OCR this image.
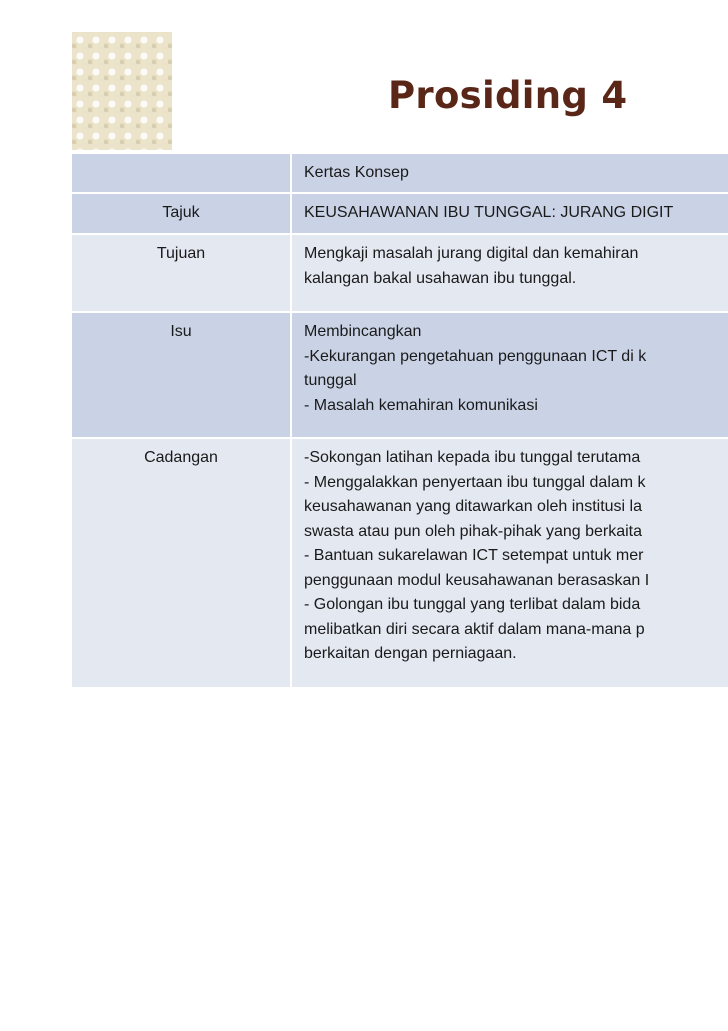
Prosiding 4
Kertas Konsep
Tajuk	KEUSAHAWANAN IBU TUNGGAL: JURANG DIGIT
Tujuan	Mengkaji masalah jurang digital dan kemahiran
kalangan bakal usahawan ibu tunggal.
Isu	Membincangkan
-Kekurangan pengetahuan penggunaan ICT di k
tunggal
- Masalah kemahiran komunikasi
Cadangan	-Sokongan latihan kepada ibu tunggal terutama
- Menggalakkan penyertaan ibu tunggal dalam k
keusahawanan yang ditawarkan oleh institusi la
swasta atau pun oleh pihak-pihak yang berkaita
- Bantuan sukarelawan ICT setempat untuk mer
penggunaan modul keusahawanan berasaskan I
- Golongan ibu tunggal yang terlibat dalam bida
melibatkan diri secara aktif dalam mana-mana p
berkaitan dengan perniagaan.
